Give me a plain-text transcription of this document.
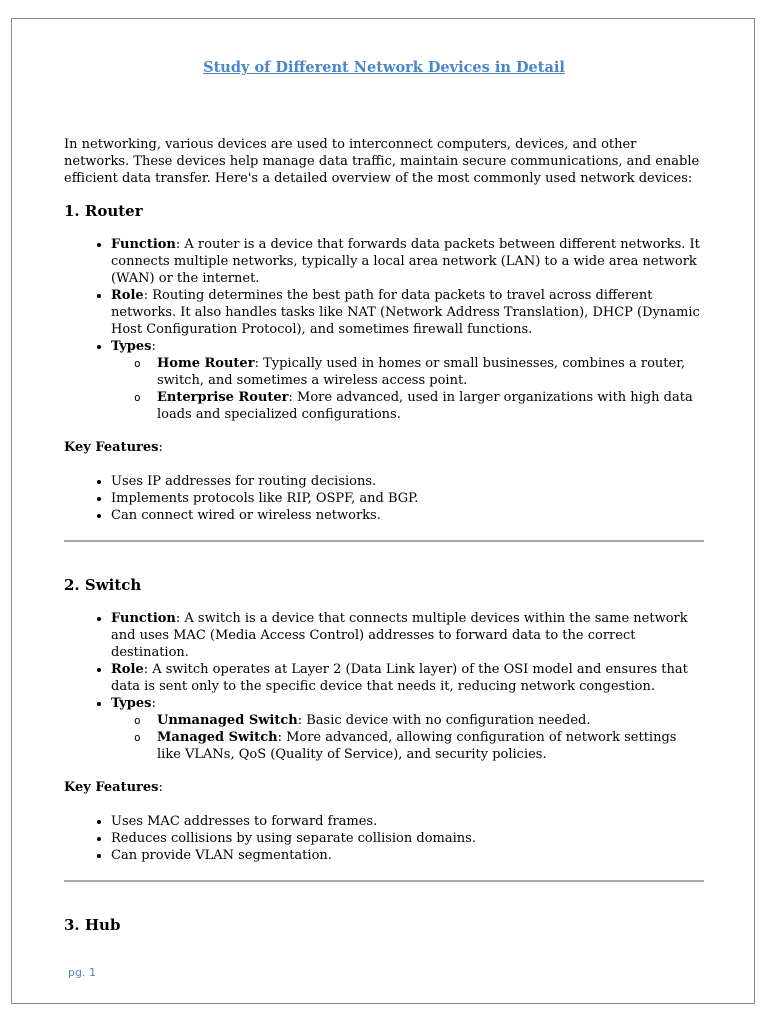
Study of Different Network Devices in Detail

In networking, various devices are used to interconnect computers, devices, and other networks. These devices help manage data traffic, maintain secure communications, and enable efficient data transfer. Here's a detailed overview of the most commonly used network devices:

1. Router
• Function: A router is a device that forwards data packets between different networks. It connects multiple networks, typically a local area network (LAN) to a wide area network (WAN) or the internet.
• Role: Routing determines the best path for data packets to travel across different networks. It also handles tasks like NAT (Network Address Translation), DHCP (Dynamic Host Configuration Protocol), and sometimes firewall functions.
• Types:
o Home Router: Typically used in homes or small businesses, combines a router, switch, and sometimes a wireless access point.
o Enterprise Router: More advanced, used in larger organizations with high data loads and specialized configurations.
Key Features:
• Uses IP addresses for routing decisions.
• Implements protocols like RIP, OSPF, and BGP.
• Can connect wired or wireless networks.
2. Switch
• Function: A switch is a device that connects multiple devices within the same network and uses MAC (Media Access Control) addresses to forward data to the correct destination.
• Role: A switch operates at Layer 2 (Data Link layer) of the OSI model and ensures that data is sent only to the specific device that needs it, reducing network congestion.
• Types:
o Unmanaged Switch: Basic device with no configuration needed.
o Managed Switch: More advanced, allowing configuration of network settings like VLANs, QoS (Quality of Service), and security policies.
Key Features:
• Uses MAC addresses to forward frames.
• Reduces collisions by using separate collision domains.
• Can provide VLAN segmentation.
3. Hub
pg. 1
